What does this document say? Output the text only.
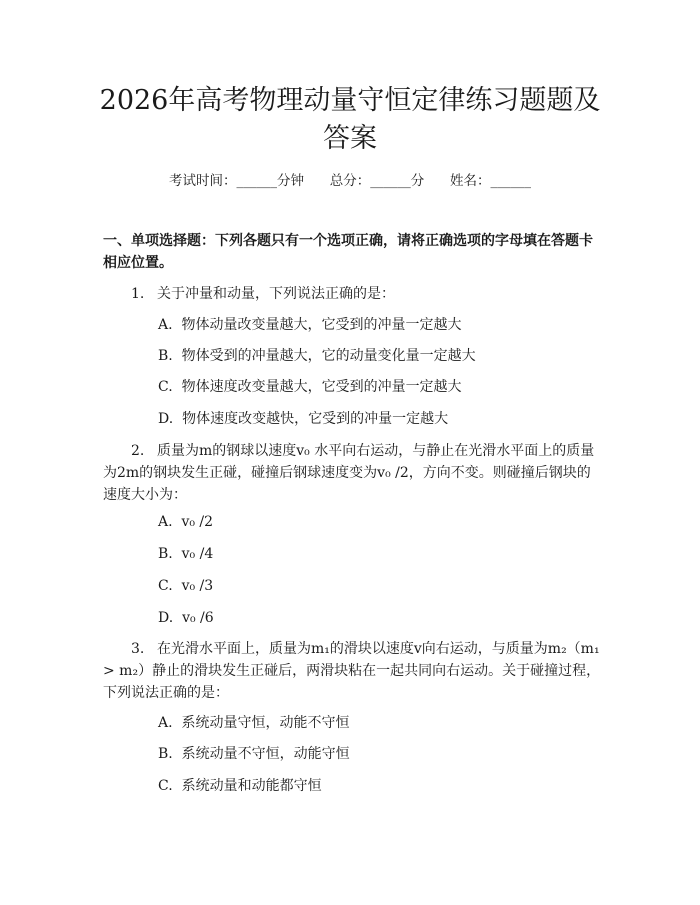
2026年高考物理动量守恒定律练习题题及答案
考试时间：______分钟      总分：______分      姓名：______

一、单项选择题：下列各题只有一个选项正确，请将正确选项的字母填在答题卡相应位置。

1. 关于冲量和动量，下列说法正确的是：

A.  物体动量改变量越大，它受到的冲量一定越大

B.  物体受到的冲量越大，它的动量变化量一定越大

C.  物体速度改变量越大，它受到的冲量一定越大

D.  物体速度改变越快，它受到的冲量一定越大

2. 质量为m的钢球以速度v₀ 水平向右运动，与静止在光滑水平面上的质量为2m的钢块发生正碰，碰撞后钢球速度变为v₀ /2，方向不变。则碰撞后钢块的速度大小为：

A.  v₀ /2

B.  v₀ /4

C.  v₀ /3

D.  v₀ /6

3. 在光滑水平面上，质量为m₁的滑块以速度v向右运动，与质量为m₂（m₁ > m₂）静止的滑块发生正碰后，两滑块粘在一起共同向右运动。关于碰撞过程，下列说法正确的是：

A.  系统动量守恒，动能不守恒

B.  系统动量不守恒，动能守恒

C.  系统动量和动能都守恒
